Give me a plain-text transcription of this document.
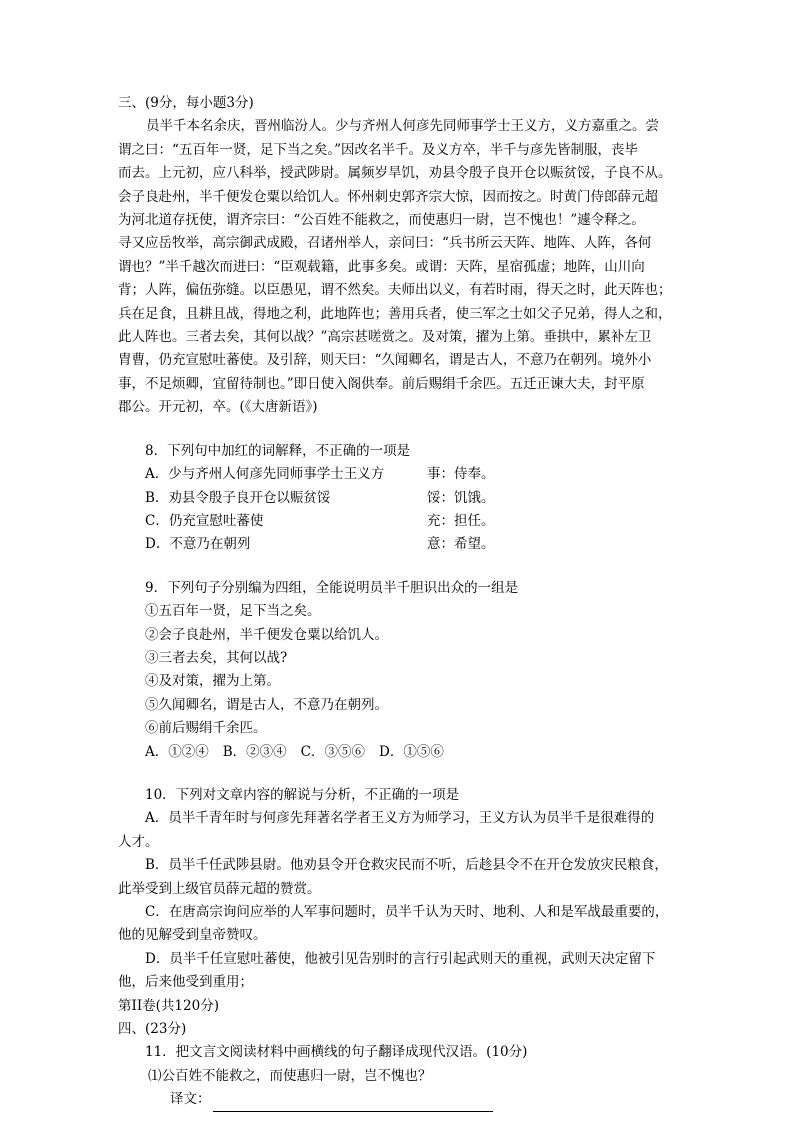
三、(9分，每小题3分)
员半千本名余庆，晋州临汾人。少与齐州人何彦先同师事学士王义方，义方嘉重之。尝
谓之曰：“五百年一贤，足下当之矣。”因改名半千。及义方卒，半千与彦先皆制服，丧毕
而去。上元初，应八科举，授武陟尉。属频岁旱饥，劝县令殷子良开仓以赈贫馁，子良不从。
会子良赴州，半千便发仓粟以给饥人。怀州刺史郭齐宗大惊，因而按之。时黄门侍郎薛元超
为河北道存抚使，谓齐宗曰：“公百姓不能救之，而使惠归一尉，岂不愧也！”遽令释之。
寻又应岳牧举，高宗御武成殿，召诸州举人，亲问曰：“兵书所云天阵、地阵、人阵，各何
谓也？”半千越次而进曰：“臣观载籍，此事多矣。或谓：天阵，星宿孤虚；地阵，山川向
背；人阵，偏伍弥缝。以臣愚见，谓不然矣。夫师出以义，有若时雨，得天之时，此天阵也；
兵在足食，且耕且战，得地之利，此地阵也；善用兵者，使三军之士如父子兄弟，得人之和，
此人阵也。三者去矣，其何以战？”高宗甚嗟赏之。及对策，擢为上第。垂拱中，累补左卫
胄曹，仍充宣慰吐蕃使。及引辞，则天曰：“久闻卿名，谓是古人，不意乃在朝列。境外小
事，不足烦卿，宜留待制也。”即日使入阁供奉。前后赐绢千余匹。五迁正谏大夫，封平原
郡公。开元初，卒。(《大唐新语》)
8．下列句中加红的词解释，不正确的一项是
A．少与齐州人何彦先同师事学士王义方	事：侍奉。
B．劝县令殷子良开仓以赈贫馁	馁：饥饿。
C．仍充宣慰吐蕃使	充：担任。
D．不意乃在朝列	意：希望。
9．下列句子分别编为四组，全能说明员半千胆识出众的一组是
①五百年一贤，足下当之矣。
②会子良赴州，半千便发仓粟以给饥人。
③三者去矣，其何以战?
④及对策，擢为上第。
⑤久闻卿名，谓是古人，不意乃在朝列。
⑥前后赐绢千余匹。
A．①②④ B．②③④ C．③⑤⑥ D．①⑤⑥
10．下列对文章内容的解说与分析，不正确的一项是
A．员半千青年时与何彦先拜著名学者王义方为师学习，王义方认为员半千是很难得的
人才。
B．员半千任武陟县尉。他劝县令开仓救灾民而不听，后趁县令不在开仓发放灾民粮食，
此举受到上级官员薛元超的赞赏。
C．在唐高宗询问应举的人军事问题时，员半千认为天时、地利、人和是军战最重要的，
他的见解受到皇帝赞叹。
D．员半千任宣慰吐蕃使，他被引见告别时的言行引起武则天的重视，武则天决定留下
他，后来他受到重用；
第II卷(共120分)
四、(23分)
11．把文言文阅读材料中画横线的句子翻译成现代汉语。(10分)
⑴公百姓不能救之，而使惠归一尉，岂不愧也？
译文：
